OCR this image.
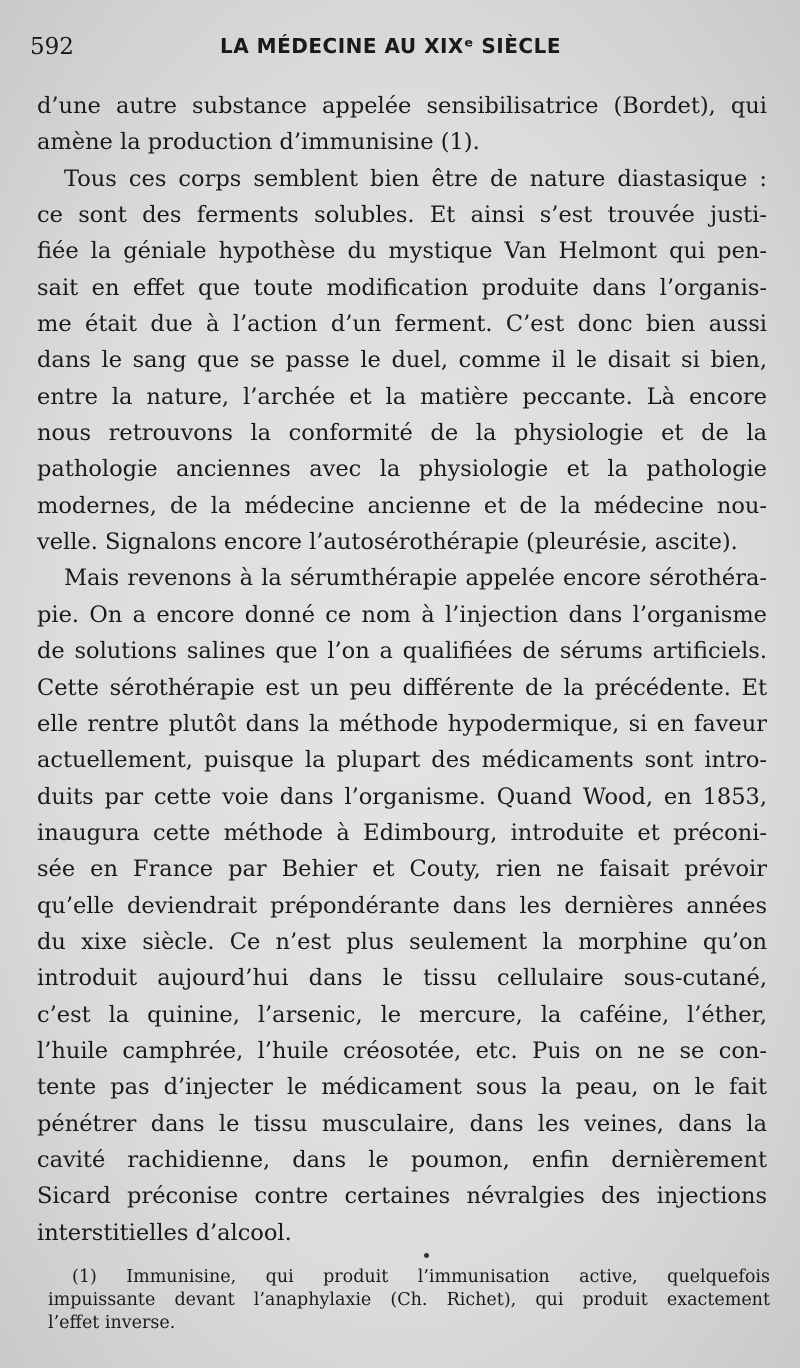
592	LA MÉDECINE AU XIXᵉ SIÈCLE
d’une autre substance appelée sensibilisatrice (Bordet), qui
amène la production d’immunisine (1).
Tous ces corps semblent bien être de nature diastasique :
ce sont des ferments solubles. Et ainsi s’est trouvée justi-
fiée la géniale hypothèse du mystique Van Helmont qui pen-
sait en effet que toute modification produite dans l’organis-
me était due à l’action d’un ferment. C’est donc bien aussi
dans le sang que se passe le duel, comme il le disait si bien,
entre la nature, l’archée et la matière peccante. Là encore
nous retrouvons la conformité de la physiologie et de la
pathologie anciennes avec la physiologie et la pathologie
modernes, de la médecine ancienne et de la médecine nou-
velle. Signalons encore l’autosérothérapie (pleurésie, ascite).
Mais revenons à la sérumthérapie appelée encore sérothéra-
pie. On a encore donné ce nom à l’injection dans l’organisme
de solutions salines que l’on a qualifiées de sérums artificiels.
Cette sérothérapie est un peu différente de la précédente. Et
elle rentre plutôt dans la méthode hypodermique, si en faveur
actuellement, puisque la plupart des médicaments sont intro-
duits par cette voie dans l’organisme. Quand Wood, en 1853,
inaugura cette méthode à Edimbourg, introduite et préconi-
sée en France par Behier et Couty, rien ne faisait prévoir
qu’elle deviendrait prépondérante dans les dernières années
du xixe siècle. Ce n’est plus seulement la morphine qu’on
introduit aujourd’hui dans le tissu cellulaire sous-cutané,
c’est la quinine, l’arsenic, le mercure, la caféine, l’éther,
l’huile camphrée, l’huile créosotée, etc. Puis on ne se con-
tente pas d’injecter le médicament sous la peau, on le fait
pénétrer dans le tissu musculaire, dans les veines, dans la
cavité rachidienne, dans le poumon, enfin dernièrement
Sicard préconise contre certaines névralgies des injections
interstitielles d’alcool.
(1) Immunisine, qui produit l’immunisation active, quelquefois
impuissante devant l’anaphylaxie (Ch. Richet), qui produit exactement
l’effet inverse.
